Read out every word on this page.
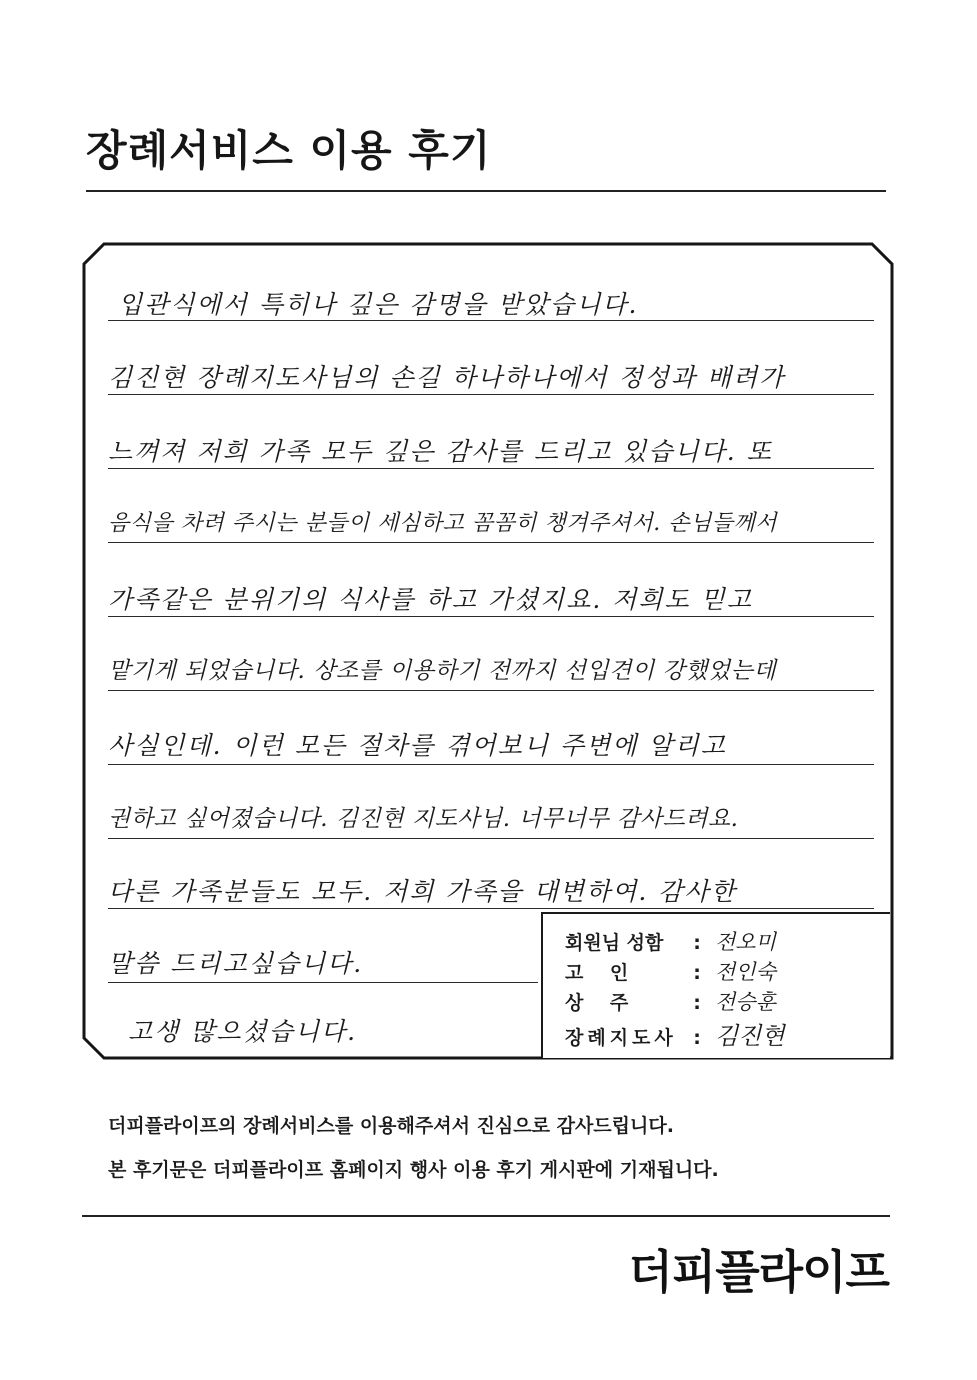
장례서비스 이용 후기
입관식에서 특히나 깊은 감명을 받았습니다.
김진현 장례지도사님의 손길 하나하나에서 정성과 배려가
느껴져 저희 가족 모두 깊은 감사를 드리고 있습니다. 또
음식을 차려 주시는 분들이 세심하고 꼼꼼히 챙겨주셔서. 손님들께서
가족같은 분위기의 식사를 하고 가셨지요. 저희도 믿고
맡기게 되었습니다. 상조를 이용하기 전까지 선입견이 강했었는데
사실인데. 이런 모든 절차를 겪어보니 주변에 알리고
권하고 싶어졌습니다. 김진현 지도사님. 너무너무 감사드려요.
다른 가족분들도 모두. 저희 가족을 대변하여. 감사한
말씀 드리고싶습니다.
고생 많으셨습니다.
회원님 성함 : 전오미
고    인	: 전인숙
상    주	: 전승훈
장례지도사 : 김진현
더피플라이프의 장례서비스를 이용해주셔서 진심으로 감사드립니다.
본 후기문은 더피플라이프 홈페이지 행사 이용 후기 게시판에 기재됩니다.
더피플라이프
